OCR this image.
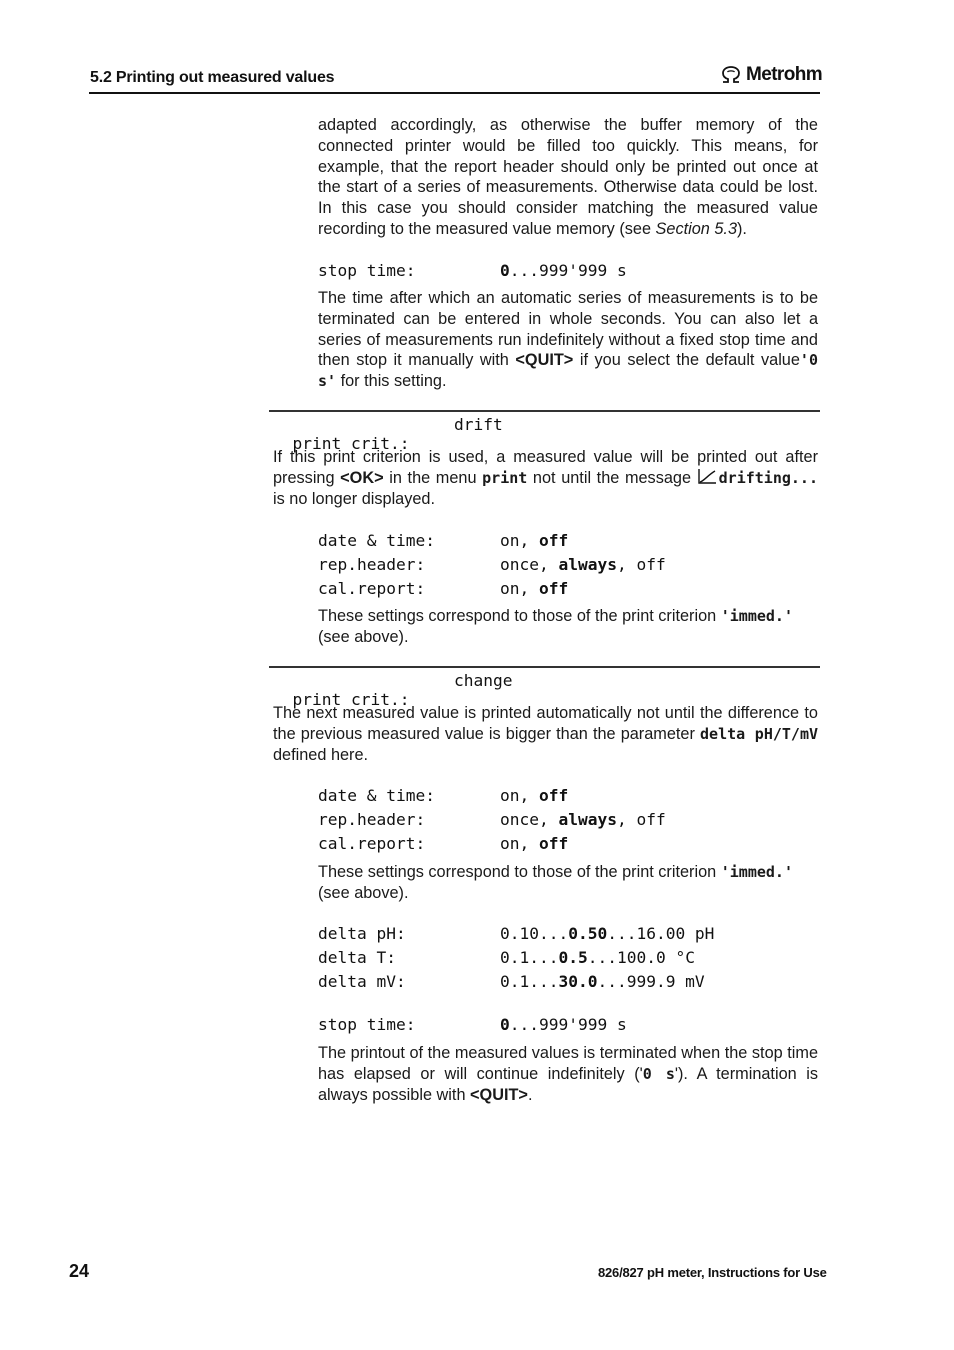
5.2 Printing out measured values	Metrohm
adapted accordingly, as otherwise the buffer memory of the connected printer would be filled too quickly. This means, for example, that the report header should only be printed out once at the start of a series of measurements. Otherwise data could be lost. In this case you should consider matching the measured value recording to the measured value memory (see Section 5.3).

stop time:

	0...999'999 s

The time after which an automatic series of measurements is to be terminated can be entered in whole seconds. You can also let a series of measurements run indefinitely without a fixed stop time and then stop it manually with <QUIT> if you select the default value'0 s' for this setting.

print crit.:

drift

If this print criterion is used, a measured value will be printed out after pressing <OK> in the menu print not until the message drifting... is no longer displayed.

date & time:

	on, off

rep.header:

	once, always, off

cal.report:

	on, off

These settings correspond to those of the print criterion 'immed.'
(see above).

print crit.:

change

The next measured value is printed automatically not until the difference to the previous measured value is bigger than the parameter delta pH/T/mV defined here.

date & time:

	on, off

rep.header:

	once, always, off

cal.report:

	on, off

These settings correspond to those of the print criterion 'immed.'
(see above).

delta pH:

	0.10...0.50...16.00 pH

delta T:

	0.1...0.5...100.0 °C

delta mV:

	0.1...30.0...999.9 mV

stop time:

	0...999'999 s

The printout of the measured values is terminated when the stop time has elapsed or will continue indefinitely ('0 s'). A termination is always possible with <QUIT>.
24	826/827 pH meter, Instructions for Use
